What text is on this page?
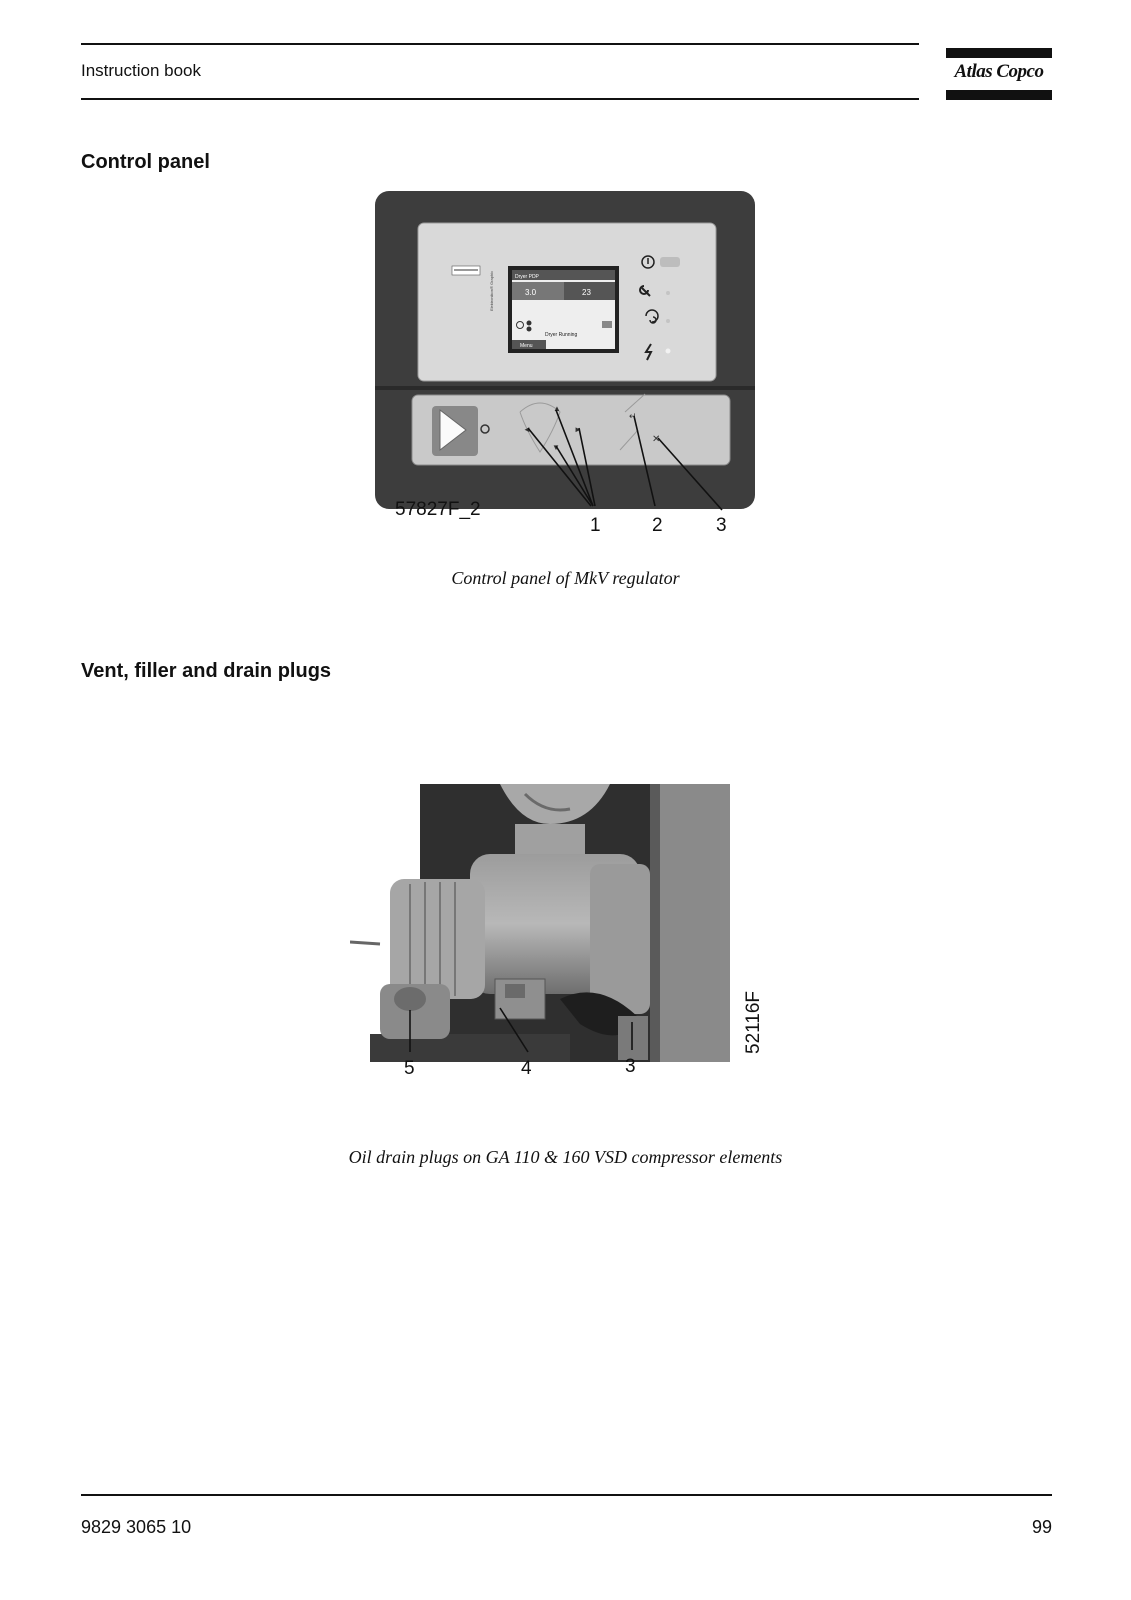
Instruction book	Atlas Copco
Control panel
Elektronikon® Graphic	Dryer PDP
3.0	23
Dryer Running
Menu
▲
◄	►
▼
↵
✕
57827F_2
1	2	3
Control panel of MkV regulator
Vent, filler and drain plugs
5	4	3
52116F
Oil drain plugs on GA 110 & 160 VSD compressor elements
9829 3065 10	99
